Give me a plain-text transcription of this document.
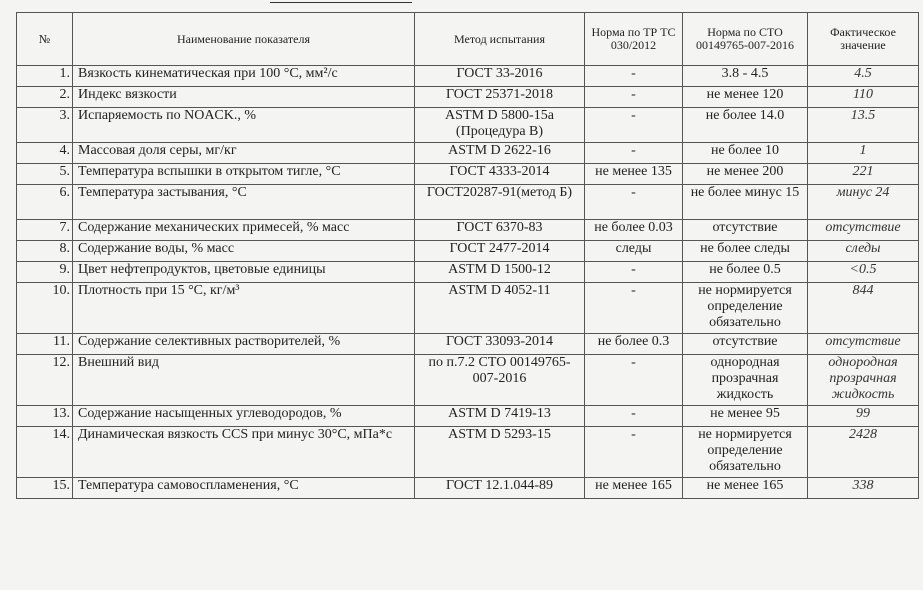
№	Наименование показателя	Метод испытания	Норма по ТР ТС 030/2012	Норма по СТО 00149765-007-2016	Фактическое значение
1.	Вязкость кинематическая при 100 °С, мм²/с	ГОСТ 33-2016	-	3.8 - 4.5	4.5
2.	Индекс вязкости	ГОСТ 25371-2018	-	не менее 120	110
3.	Испаряемость по NOACK., %	ASTM D 5800-15a (Процедура В)	-	не более 14.0	13.5
4.	Массовая доля серы, мг/кг	ASTM D 2622-16	-	не более 10	1
5.	Температура вспышки в открытом тигле, °С	ГОСТ 4333-2014	не менее 135	не менее 200	221
6.	Температура застывания, °С	ГОСТ20287-91(метод Б)	-	не более минус 15	минус 24
7.	Содержание механических примесей, % масс	ГОСТ 6370-83	не более 0.03	отсутствие	отсутствие
8.	Содержание воды, % масс	ГОСТ 2477-2014	следы	не более следы	следы
9.	Цвет нефтепродуктов, цветовые единицы	ASTM D 1500-12	-	не более 0.5	<0.5
10.	Плотность при 15 °С, кг/м³	ASTM D 4052-11	-	не нормируется определение обязательно	844
11.	Содержание селективных растворителей, %	ГОСТ 33093-2014	не более 0.3	отсутствие	отсутствие
12.	Внешний вид	по п.7.2 СТО 00149765-007-2016	-	однородная прозрачная жидкость	однородная прозрачная жидкость
13.	Содержание насыщенных углеводородов, %	ASTM D 7419-13	-	не менее 95	99
14.	Динамическая вязкость CCS при минус 30°С, мПа*с	ASTM D 5293-15	-	не нормируется определение обязательно	2428
15.	Температура самовоспламенения, °С	ГОСТ 12.1.044-89	не менее 165	не менее 165	338
